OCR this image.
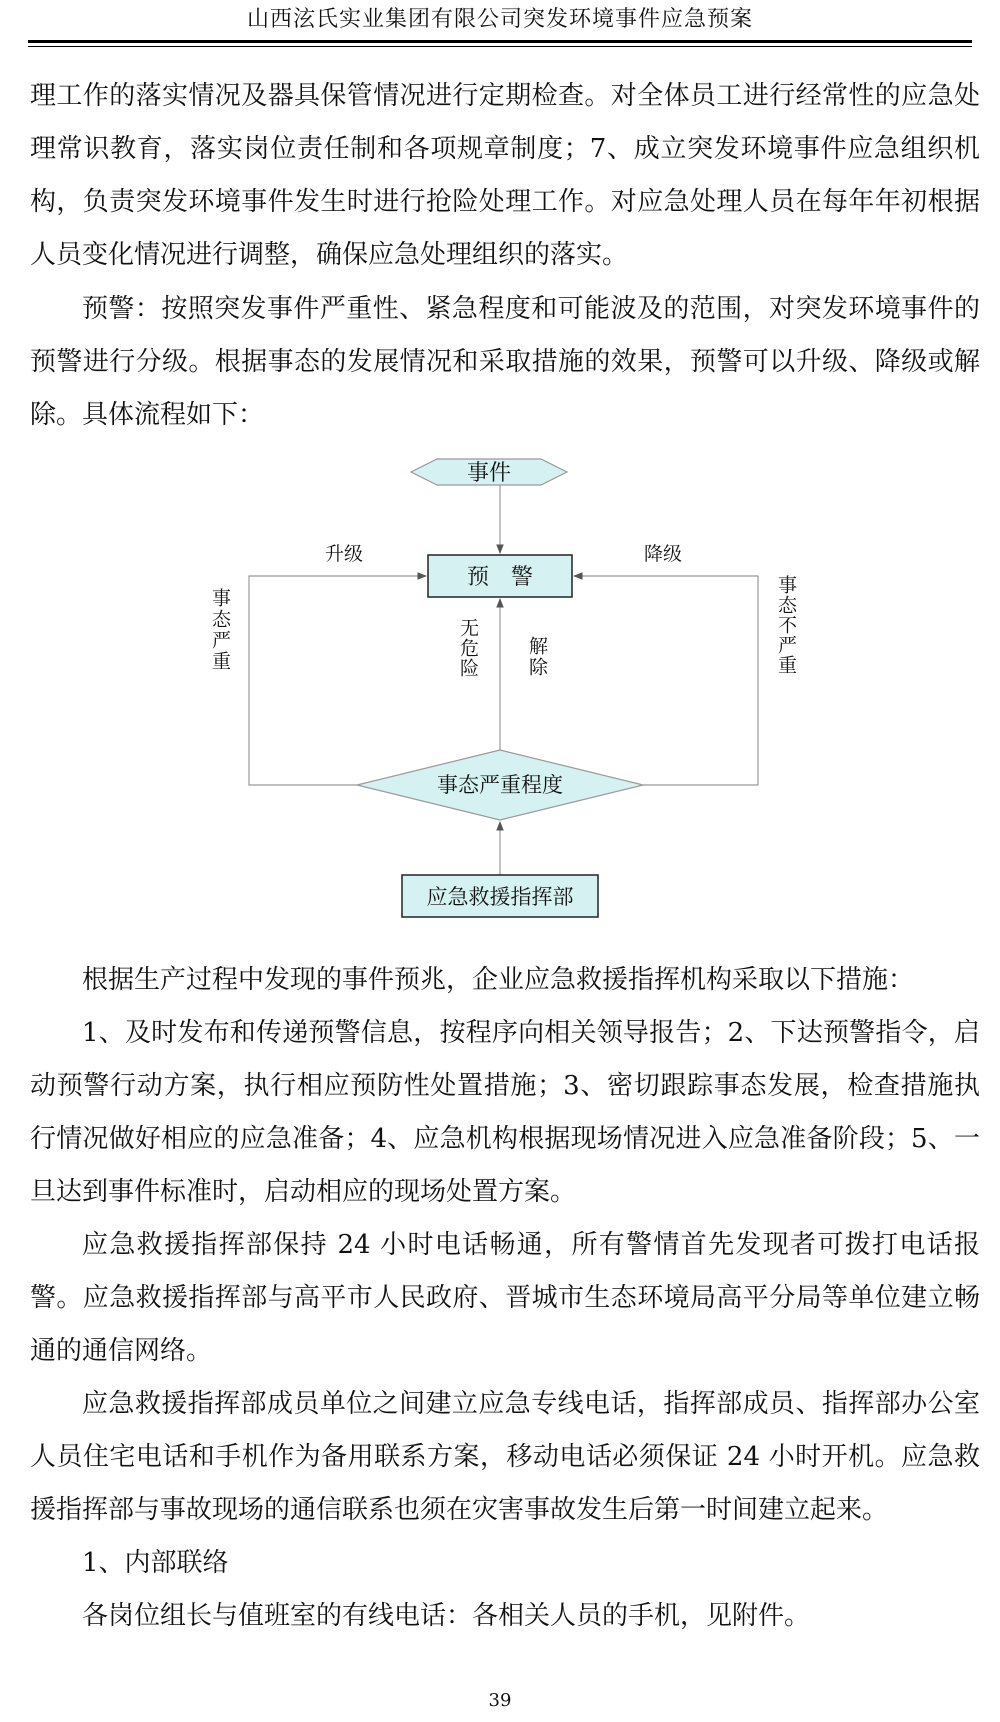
山西泫氏实业集团有限公司突发环境事件应急预案

理工作的落实情况及器具保管情况进行定期检查。对全体员工进行经常性的应急处理常识教育，落实岗位责任制和各项规章制度；7、成立突发环境事件应急组织机构，负责突发环境事件发生时进行抢险处理工作。对应急处理人员在每年年初根据人员变化情况进行调整，确保应急处理组织的落实。

预警：按照突发事件严重性、紧急程度和可能波及的范围，对突发环境事件的预警进行分级。根据事态的发展情况和采取措施的效果，预警可以升级、降级或解除。具体流程如下：

事件
预　警
升级	降级
事态严重	事态不严重
无危险 解除
事态严重程度
应急救援指挥部

根据生产过程中发现的事件预兆，企业应急救援指挥机构采取以下措施：

1、及时发布和传递预警信息，按程序向相关领导报告；2、下达预警指令，启动预警行动方案，执行相应预防性处置措施；3、密切跟踪事态发展，检查措施执行情况做好相应的应急准备；4、应急机构根据现场情况进入应急准备阶段；5、一旦达到事件标准时，启动相应的现场处置方案。

应急救援指挥部保持 24 小时电话畅通，所有警情首先发现者可拨打电话报警。应急救援指挥部与高平市人民政府、晋城市生态环境局高平分局等单位建立畅通的通信网络。

应急救援指挥部成员单位之间建立应急专线电话，指挥部成员、指挥部办公室人员住宅电话和手机作为备用联系方案，移动电话必须保证 24 小时开机。应急救援指挥部与事故现场的通信联系也须在灾害事故发生后第一时间建立起来。

1、内部联络

各岗位组长与值班室的有线电话：各相关人员的手机，见附件。

39
